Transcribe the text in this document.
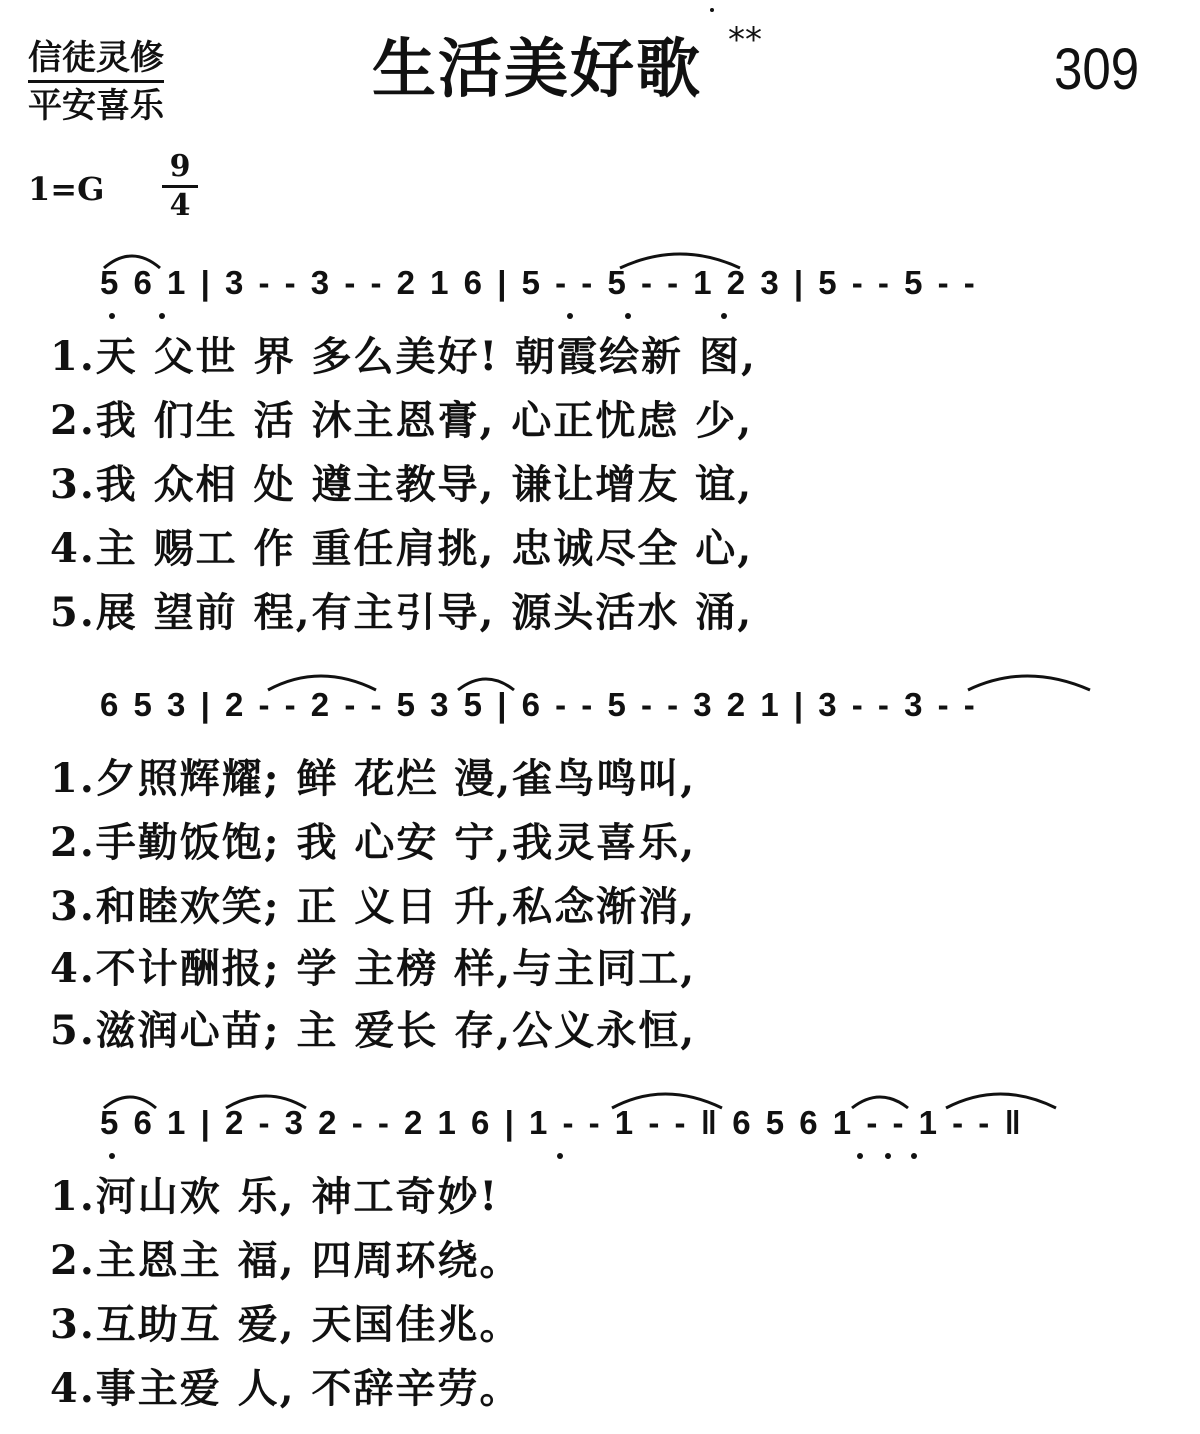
信徒灵修
平安喜乐	生活美好歌 **	309
1=G
9
4
5 6 1 | 3 - - 3 - - 2 1 6 | 5 - - 5 - - 1 2 3 | 5 - - 5 - -
1.天 父世 界 多么美好! 朝霞绘新 图,
2.我 们生 活 沐主恩膏, 心正忧虑 少,
3.我 众相 处 遵主教导, 谦让增友 谊,
4.主 赐工 作 重任肩挑, 忠诚尽全 心,
5.展 望前 程,有主引导, 源头活水 涌,
6 5 3 | 2 - - 2 - - 5 3 5 | 6 - - 5 - - 3 2 1 | 3 - - 3 - -
1.夕照辉耀; 鲜 花烂 漫,雀鸟鸣叫,
2.手勤饭饱; 我 心安 宁,我灵喜乐,
3.和睦欢笑; 正 义日 升,私念渐消,
4.不计酬报; 学 主榜 样,与主同工,
5.滋润心苗; 主 爱长 存,公义永恒,
5 6 1 | 2 - 3 2 - - 2 1 6 | 1 - - 1 - - ‖ 6 5 6 1 - - 1 - - ‖
1.河山欢 乐, 神工奇妙!
2.主恩主 福, 四周环绕。
3.互助互 爱, 天国佳兆。
4.事主爱 人, 不辞辛劳。
